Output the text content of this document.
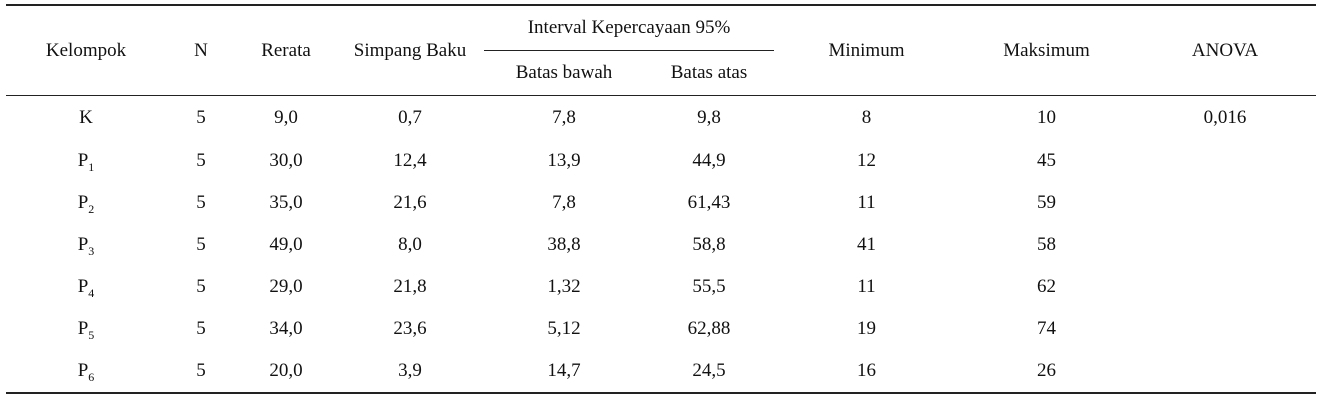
Kelompok	N	Rerata	Simpang Baku	Interval Kepercayaan 95%		Minimum	Maksimum	ANOVA
				Batas bawah	Batas atas			
K	5	9,0	0,7	7,8	9,8	8	10	0,016
$P_1$	5	30,0	12,4	13,9	44,9	12	45	
$P_2$	5	35,0	21,6	7,8	61,43	11	59	
$P_3$	5	49,0	8,0	38,8	58,8	41	58	
$P_4$	5	29,0	21,8	1,32	55,5	11	62	
$P_5$	5	34,0	23,6	5,12	62,88	19	74	
$P_6$	5	20,0	3,9	14,7	24,5	16	26	
